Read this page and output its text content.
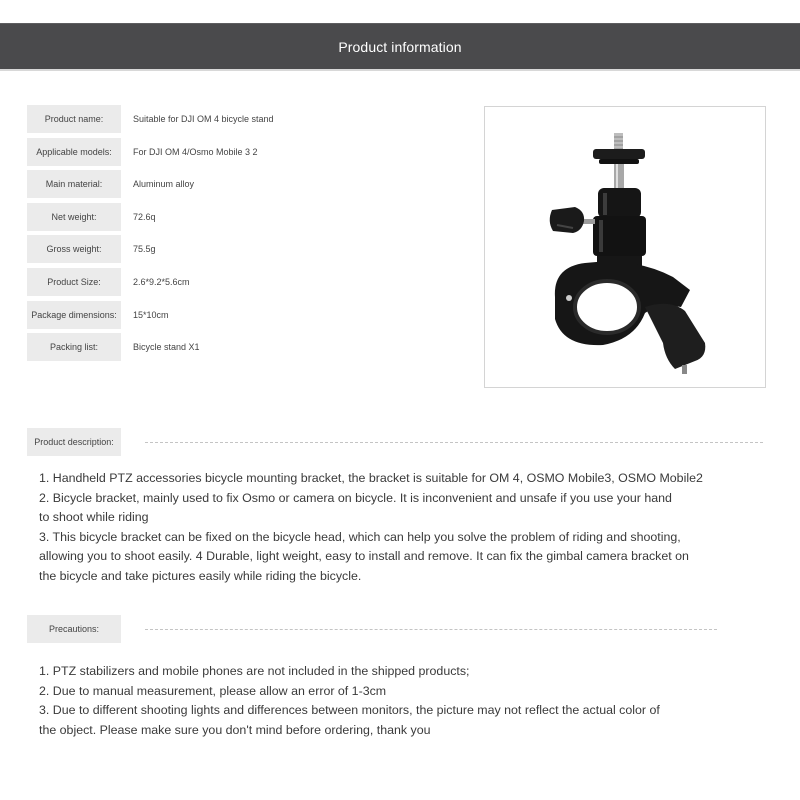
Product information
Product name:	Suitable for DJI OM 4 bicycle stand
Applicable models:	For DJI OM 4/Osmo Mobile 3 2
Main material:	Aluminum alloy
Net weight:	72.6q
Gross weight:	75.5g
Product Size:	2.6*9.2*5.6cm
Package dimensions:	15*10cm
Packing list:	Bicycle stand X1
Product description:

1. Handheld PTZ accessories bicycle mounting bracket, the bracket is suitable for OM 4, OSMO Mobile3, OSMO Mobile2

2. Bicycle bracket, mainly used to fix Osmo or camera on bicycle. It is inconvenient and unsafe if you use your hand

to shoot while riding

3. This bicycle bracket can be fixed on the bicycle head, which can help you solve the problem of riding and shooting,

allowing you to shoot easily. 4 Durable, light weight, easy to install and remove. It can fix the gimbal camera bracket on

the bicycle and take pictures easily while riding the bicycle.

Precautions:

1. PTZ stabilizers and mobile phones are not included in the shipped products;

2. Due to manual measurement, please allow an error of 1-3cm

3. Due to different shooting lights and differences between monitors, the picture may not reflect the actual color of

the object. Please make sure you don't mind before ordering, thank you
